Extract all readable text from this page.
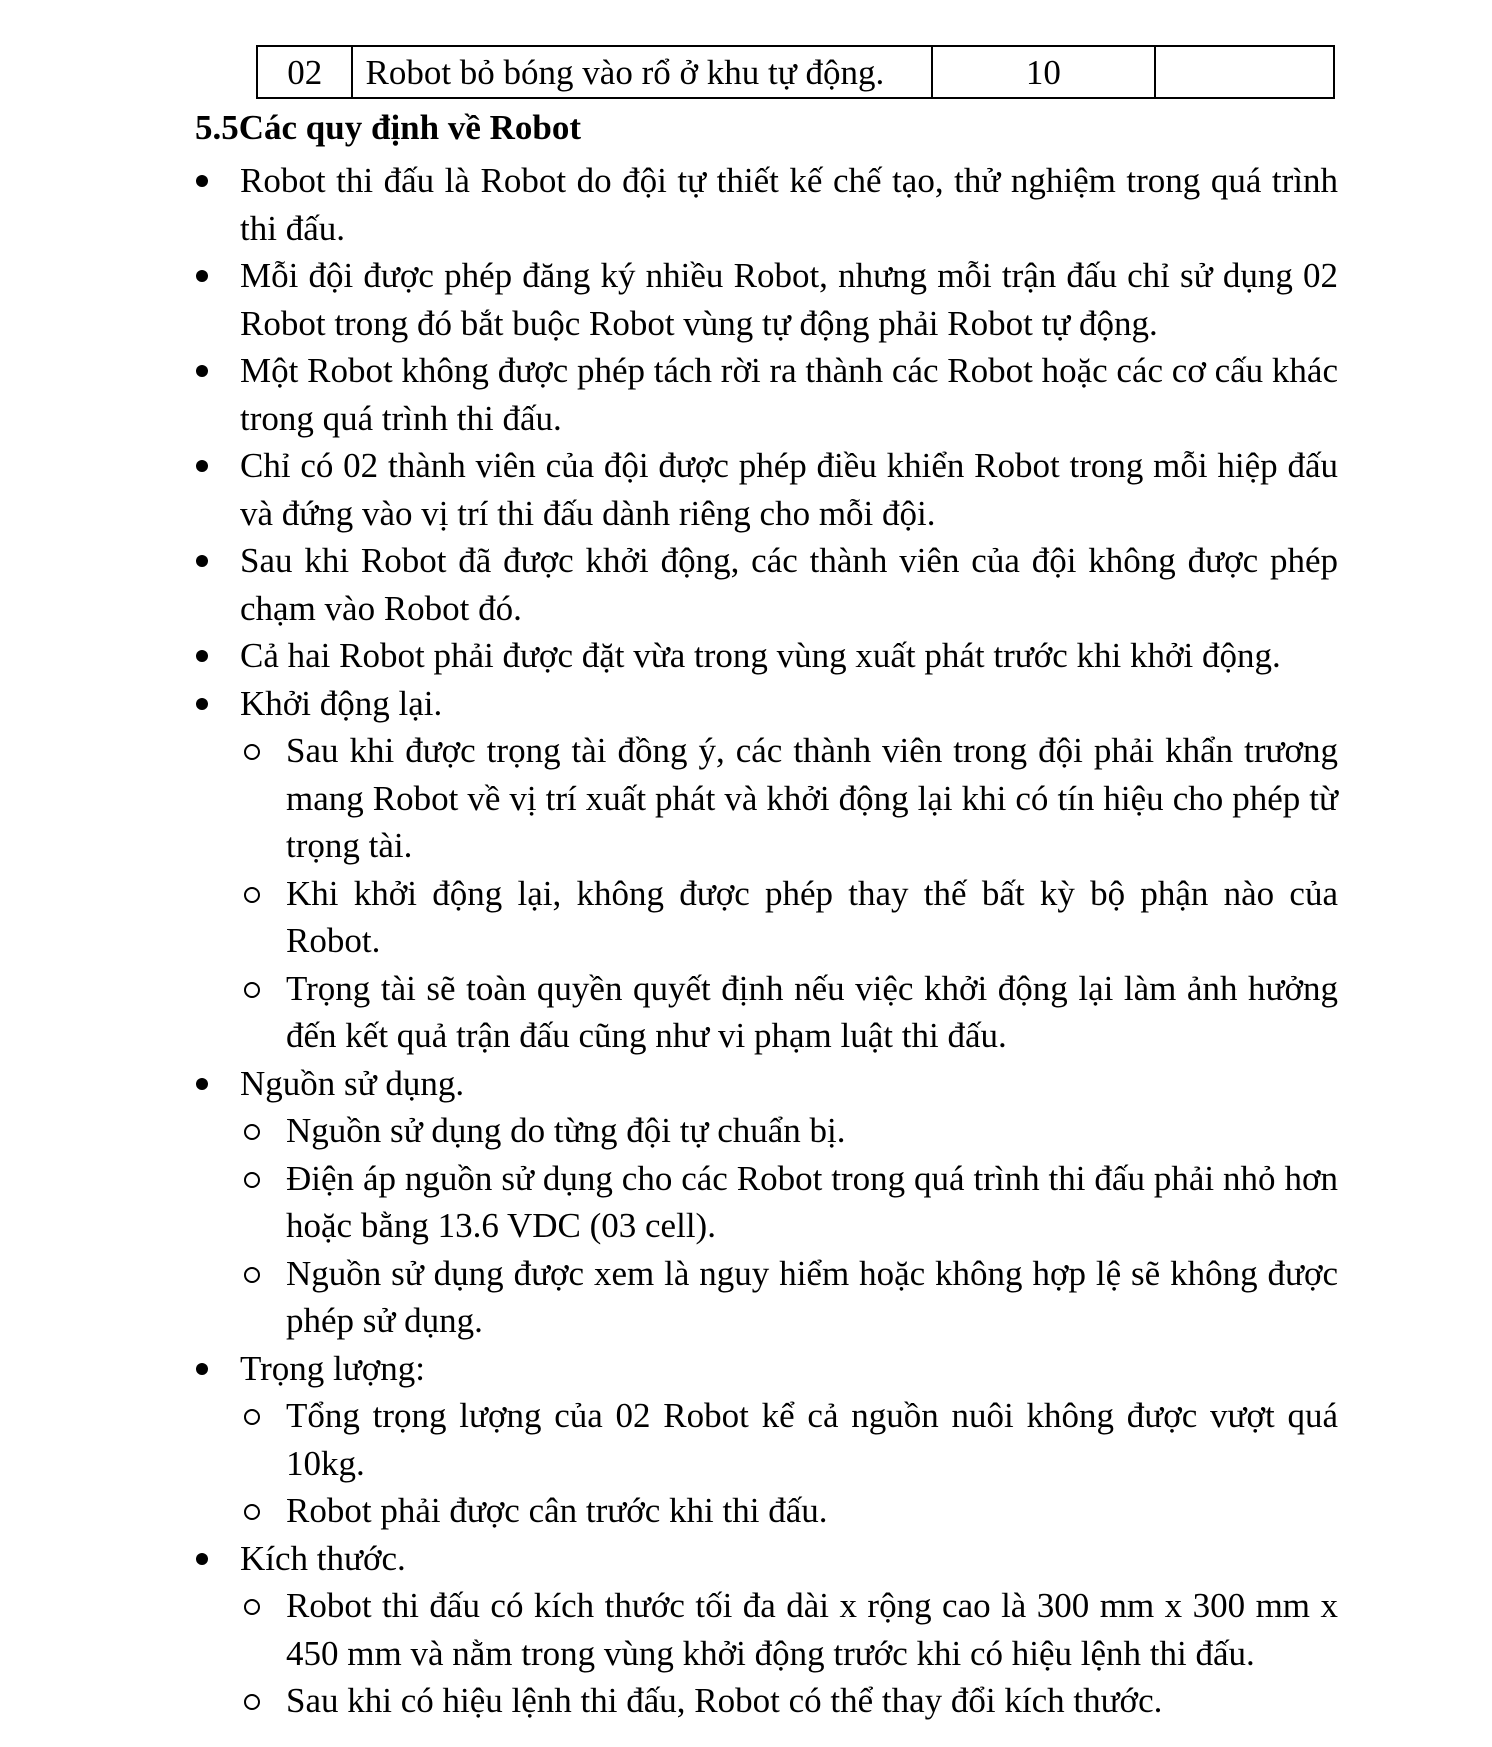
02	Robot bỏ bóng vào rổ ở khu tự động.	10	
5.5Các quy định về Robot
Robot thi đấu là Robot do đội tự thiết kế chế tạo, thử nghiệm trong quá trình thi đấu.
Mỗi đội được phép đăng ký nhiều Robot, nhưng mỗi trận đấu chỉ sử dụng 02 Robot trong đó bắt buộc Robot vùng tự động phải Robot tự động.
Một Robot không được phép tách rời ra thành các Robot hoặc các cơ cấu khác trong quá trình thi đấu.
Chỉ có 02 thành viên của đội được phép điều khiển Robot trong mỗi hiệp đấu và đứng vào vị trí thi đấu dành riêng cho mỗi đội.
Sau khi Robot đã được khởi động, các thành viên của đội không được phép chạm vào Robot đó.
Cả hai Robot phải được đặt vừa trong vùng xuất phát trước khi khởi động.
Khởi động lại.
Sau khi được trọng tài đồng ý, các thành viên trong đội phải khẩn trương mang Robot về vị trí xuất phát và khởi động lại khi có tín hiệu cho phép từ trọng tài.
Khi khởi động lại, không được phép thay thế bất kỳ bộ phận nào của Robot.
Trọng tài sẽ toàn quyền quyết định nếu việc khởi động lại làm ảnh hưởng đến kết quả trận đấu cũng như vi phạm luật thi đấu.
Nguồn sử dụng.
Nguồn sử dụng do từng đội tự chuẩn bị.
Điện áp nguồn sử dụng cho các Robot trong quá trình thi đấu phải nhỏ hơn hoặc bằng 13.6 VDC (03 cell).
Nguồn sử dụng được xem là nguy hiểm hoặc không hợp lệ sẽ không được phép sử dụng.
Trọng lượng:
Tổng trọng lượng của 02 Robot kể cả nguồn nuôi không được vượt quá 10kg.
Robot phải được cân trước khi thi đấu.
Kích thước.
Robot thi đấu có kích thước tối đa dài x rộng cao là 300 mm x 300 mm x 450 mm và nằm trong vùng khởi động trước khi có hiệu lệnh thi đấu.
Sau khi có hiệu lệnh thi đấu, Robot có thể thay đổi kích thước.
